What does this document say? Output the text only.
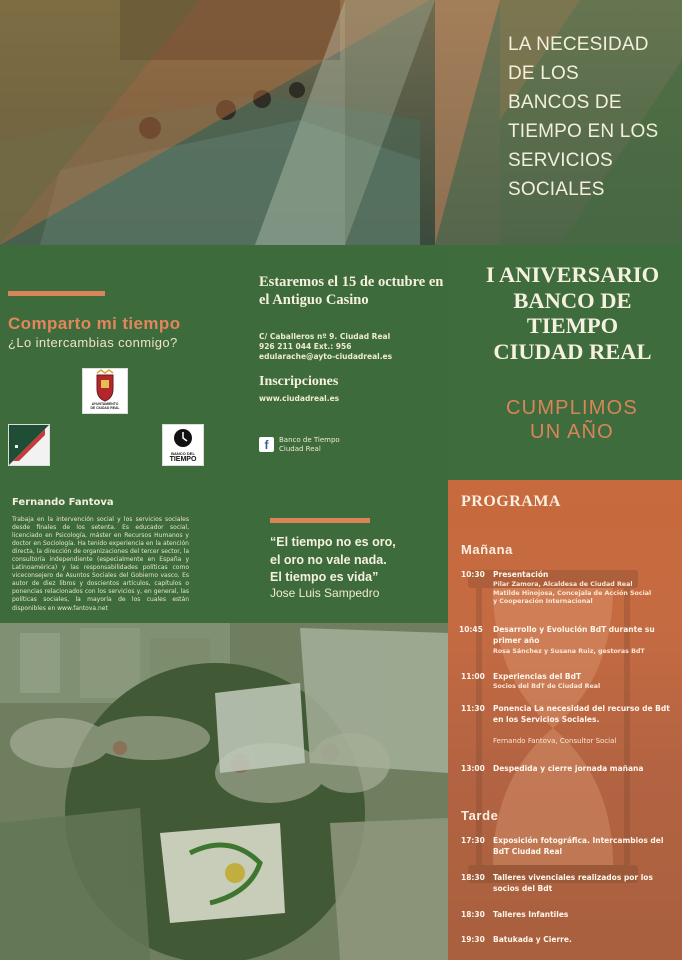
LA NECESIDAD
DE LOS
BANCOS DE
TIEMPO EN LOS
SERVICIOS
SOCIALES
Comparto mi tiempo
¿Lo intercambias conmigo?
AYUNTAMIENTO
DE CIUDAD REAL
BANCO DEL
TIEMPO
Fernando Fantova
Trabaja en la intervención social y los servicios sociales desde finales de los setenta. Es educador social, licenciado en Psicología, máster en Recursos Humanos y doctor en Sociología. Ha tenido experiencia en la atención directa, la dirección de organizaciones del tercer sector, la consultoría independiente (especialmente en España y Latinoamérica) y las responsabilidades políticas como viceconsejero de Asuntos Sociales del Gobierno vasco. Es autor de diez libros y doscientos artículos, capítulos o ponencias relacionados con los servicios y, en general, las políticas sociales, la mayoría de los cuales están disponibles en www.fantova.net
Estaremos el 15 de octubre en el Antiguo Casino
C/ Caballeros nº 9. Ciudad Real
926 211 044 Ext.: 956
edularache@ayto-ciudadreal.es
Inscripciones
www.ciudadreal.es
f	Banco de Tiempo
Ciudad Real
“El tiempo no es oro,
el oro no vale nada.
El tiempo es vida”
Jose Luis Sampedro
I ANIVERSARIO
BANCO DE
TIEMPO
CIUDAD REAL
CUMPLIMOS
UN AÑO
PROGRAMA
Mañana
10:30 Presentación
Pilar Zamora, Alcaldesa de Ciudad Real
Matilde Hinojosa, Concejala de Acción Social
y Cooperación Internacional
10:45 Desarrollo y Evolución BdT durante su primer año
Rosa Sánchez y Susana Ruiz, gestoras BdT
11:00 Experiencias del BdT
Socios del BdT de Ciudad Real
11:30 Ponencia La necesidad del recurso de Bdt en los Servicios Sociales.
Fernando Fantova, Consultor Social
13:00 Despedida y cierre jornada mañana
Tarde
17:30 Exposición fotográfica. Intercambios del BdT Ciudad Real
18:30 Talleres vivenciales realizados por los socios del Bdt
18:30 Talleres Infantiles
19:30 Batukada y Cierre.
